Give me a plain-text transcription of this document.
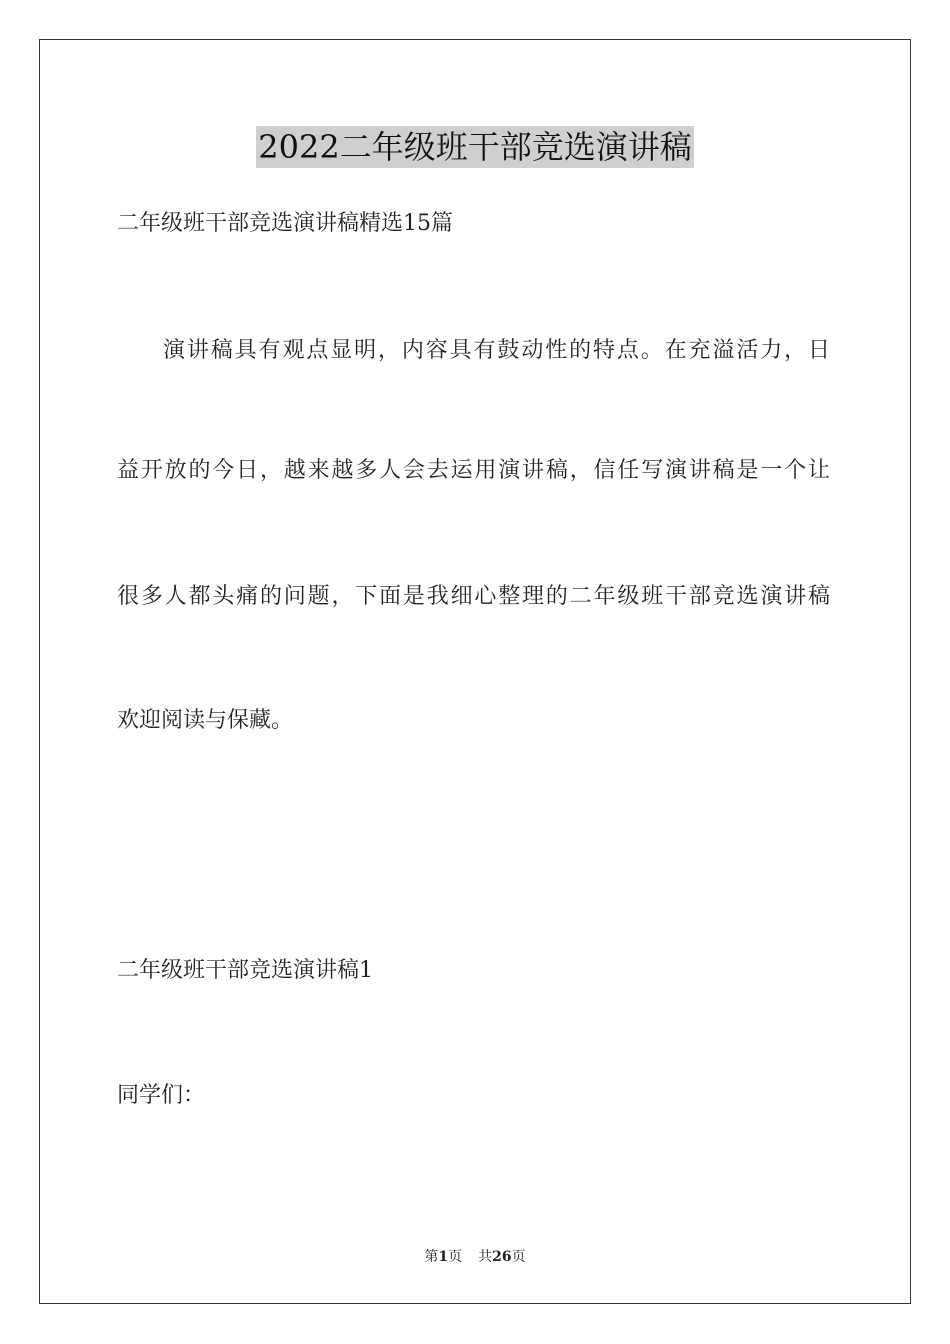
2022二年级班干部竞选演讲稿
二年级班干部竞选演讲稿精选15篇
演讲稿具有观点显明，内容具有鼓动性的特点。在充溢活力，日
益开放的今日，越来越多人会去运用演讲稿，信任写演讲稿是一个让
很多人都头痛的问题，下面是我细心整理的二年级班干部竞选演讲稿
欢迎阅读与保藏。
二年级班干部竞选演讲稿1
同学们：
第1页 共26页
